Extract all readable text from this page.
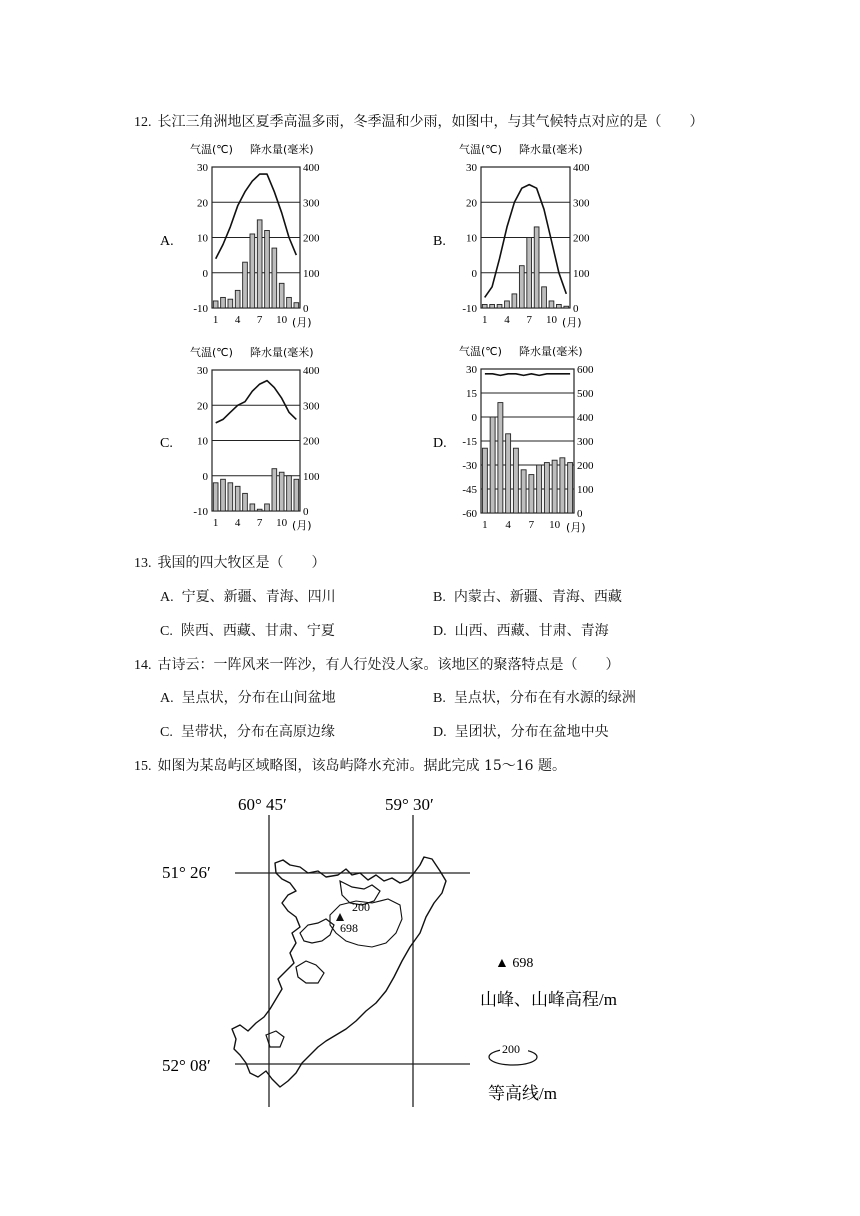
12. 长江三角洲地区夏季高温多雨，冬季温和少雨，如图中，与其气候特点对应的是（　　）
A.
气温(℃) 降水量(毫米)
30	400
20	300
10	200
0	100
-10	0
1 4 7 10 (月)
B.
气温(℃) 降水量(毫米)
30	400
20	300
10	200
0	100
-10	0
1 4 7 10 (月)
C.
气温(℃) 降水量(毫米)
30	400
20	300
10	200
0	100
-10	0
1 4 7 10 (月)
D.
气温(℃) 降水量(毫米)
30	600
15	500
0	400
-15	300
-30	200
-45	100
-60	0
1 4 7 10 (月)
13. 我国的四大牧区是（　　）
A. 宁夏、新疆、青海、四川	B. 内蒙古、新疆、青海、西藏
C. 陕西、西藏、甘肃、宁夏	D. 山西、西藏、甘肃、青海
14. 古诗云：一阵风来一阵沙，有人行处没人家。该地区的聚落特点是（　　）
A. 呈点状，分布在山间盆地	B. 呈点状，分布在有水源的绿洲
C. 呈带状，分布在高原边缘	D. 呈团状，分布在盆地中央
15. 如图为某岛屿区域略图，该岛屿降水充沛。据此完成 15～16 题。
60° 45′	59° 30′
51° 26′
52° 08′
200
698
▲ 698
山峰、山峰高程/m
200
等高线/m
